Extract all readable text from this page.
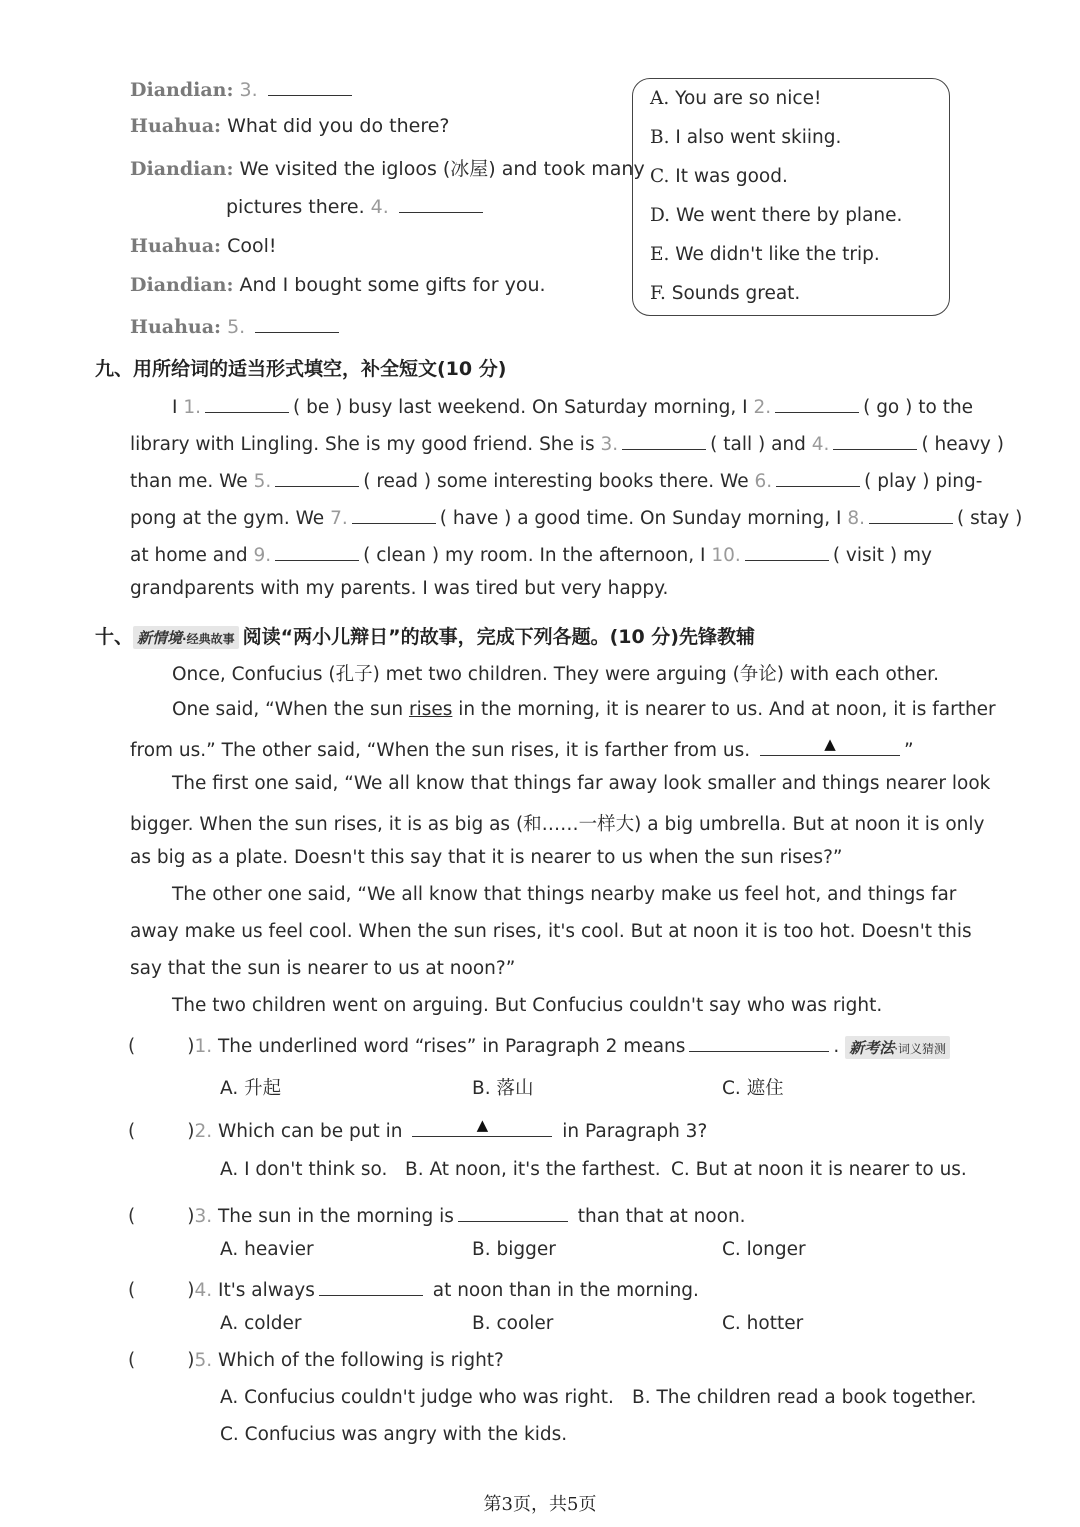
Diandian: 3.
Huahua: What did you do there?
Diandian: We visited the igloos (冰屋) and took many
pictures there. 4.
Huahua: Cool!
Diandian: And I bought some gifts for you.
Huahua: 5.
A. You are so nice!
B. I also went skiing.
C. It was good.
D. We went there by plane.
E. We didn't like the trip.
F. Sounds great.
九、用所给词的适当形式填空，补全短文(10 分)
I 1.	( be ) busy last weekend. On Saturday morning, I 2.	( go ) to the
library with Lingling. She is my good friend. She is 3.	( tall ) and 4.	( heavy )
than me. We 5.	( read ) some interesting books there. We 6.	( play ) ping-
pong at the gym. We 7.	( have ) a good time. On Sunday morning, I 8.	( stay )
at home and 9.	( clean ) my room. In the afternoon, I 10.	( visit ) my
grandparents with my parents. I was tired but very happy.
十、 新情境·经典故事 阅读“两小儿辩日”的故事，完成下列各题。(10 分)先锋教辅
Once, Confucius (孔子) met two children. They were arguing (争论) with each other.
One said, “When the sun rises in the morning, it is nearer to us. And at noon, it is farther
from us.” The other said, “When the sun rises, it is farther from us.	▲	”
The first one said, “We all know that things far away look smaller and things nearer look
bigger. When the sun rises, it is as big as (和……一样大) a big umbrella. But at noon it is only
as big as a plate. Doesn't this say that it is nearer to us when the sun rises?”
The other one said, “We all know that things nearby make us feel hot, and things far
away make us feel cool. When the sun rises, it's cool. But at noon it is too hot. Doesn't this
say that the sun is nearer to us at noon?”
The two children went on arguing. But Confucius couldn't say who was right.
(	)1. The underlined word “rises” in Paragraph 2 means	. 新考法·词义猜测
A. 升起	B. 落山	C. 遮住
(	)2. Which can be put in	▲	in Paragraph 3?
A. I don't think so. B. At noon, it's the farthest. C. But at noon it is nearer to us.
(	)3. The sun in the morning is	than that at noon.
A. heavier	B. bigger	C. longer
(	)4. It's always	at noon than in the morning.
A. colder	B. cooler	C. hotter
(	)5. Which of the following is right?
A. Confucius couldn't judge who was right. B. The children read a book together.
C. Confucius was angry with the kids.
第3页，共5页
